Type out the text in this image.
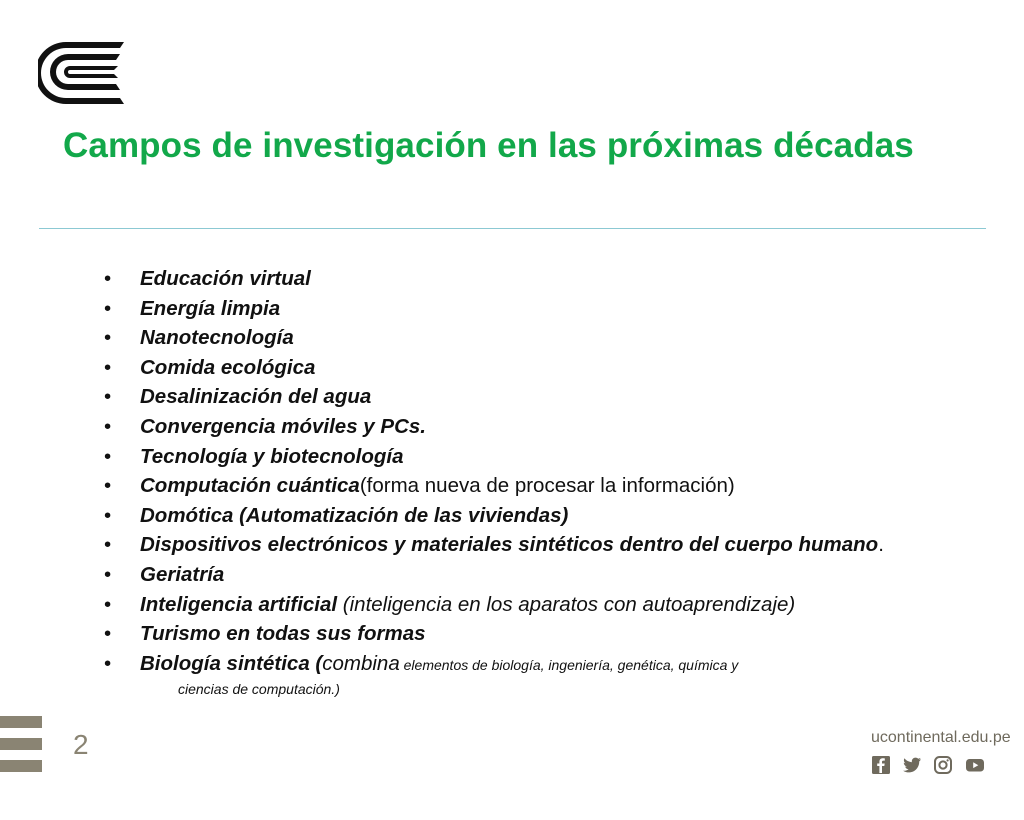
Campos de investigación en las próximas décadas
• Educación virtual
• Energía limpia
• Nanotecnología
• Comida ecológica
• Desalinización del agua
• Convergencia móviles y PCs.
• Tecnología y biotecnología
• Computación cuántica(forma nueva de procesar la información)
• Domótica (Automatización de las viviendas)
• Dispositivos electrónicos y materiales sintéticos dentro del cuerpo humano.
• Geriatría
• Inteligencia artificial (inteligencia en los aparatos con autoaprendizaje)
• Turismo en todas sus formas
• Biología sintética (combina elementos de biología, ingeniería, genética, química y
ciencias de computación.)
2	ucontinental.edu.pe
